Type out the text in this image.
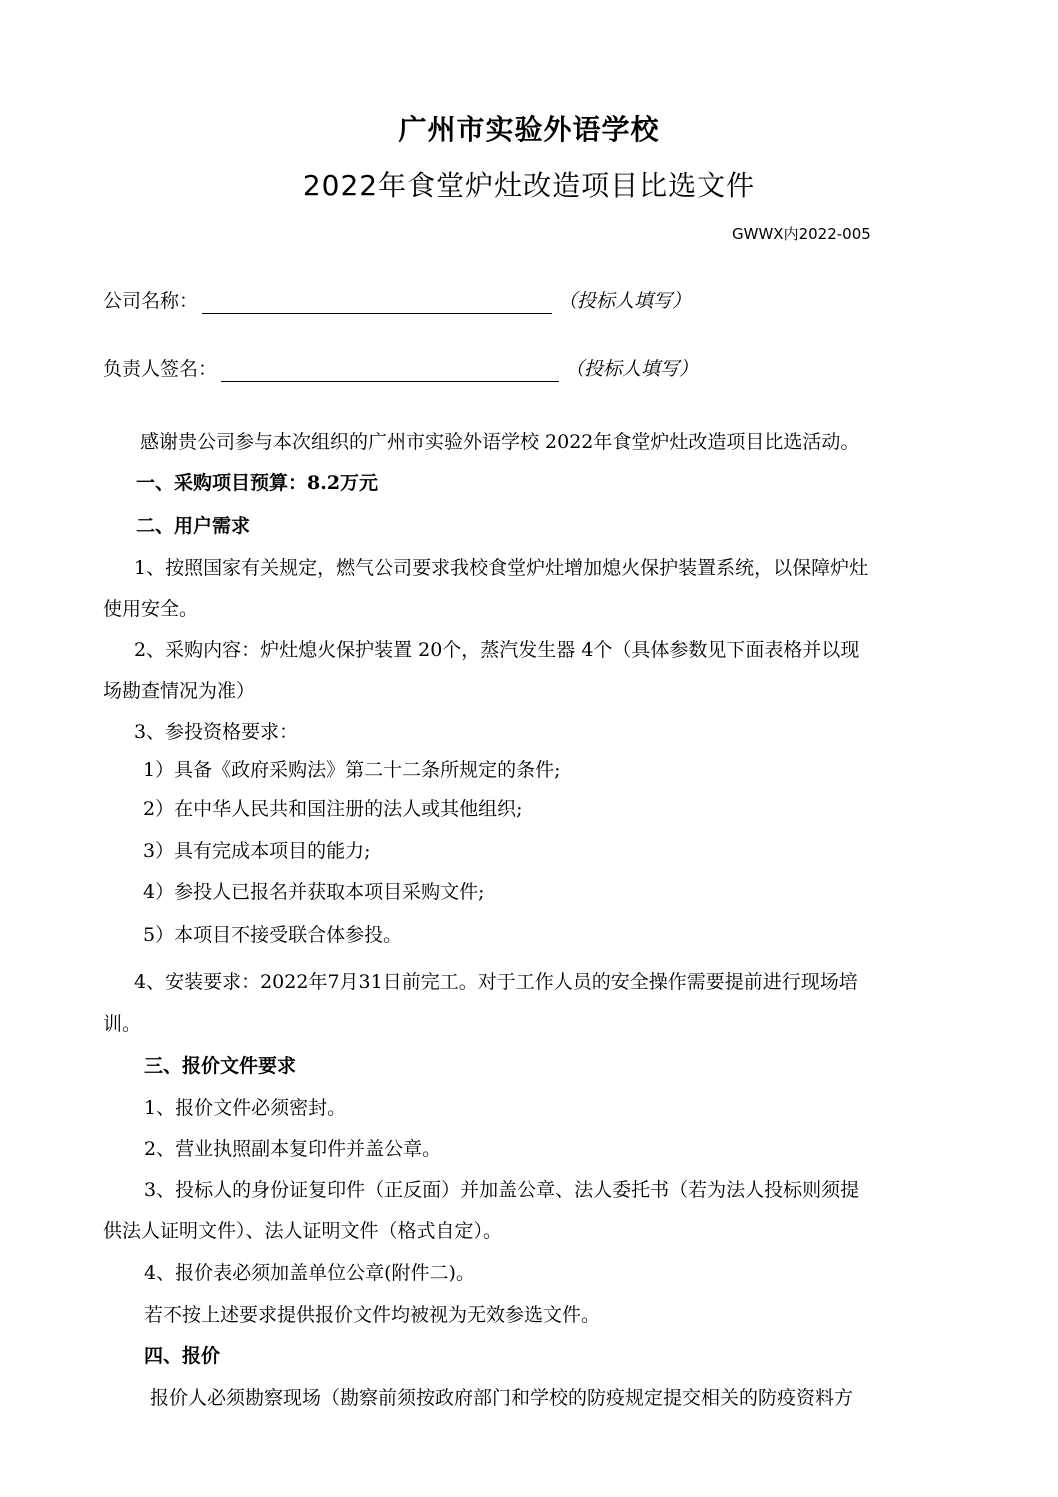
广州市实验外语学校
2022年食堂炉灶改造项目比选文件
GWWX内2022-005
公司名称：	（投标人填写）
负责人签名：	（投标人填写）
感谢贵公司参与本次组织的广州市实验外语学校 2022年食堂炉灶改造项目比选活动。
一、采购项目预算：8.2万元
二、用户需求
1、按照国家有关规定，燃气公司要求我校食堂炉灶增加熄火保护装置系统，以保障炉灶
使用安全。
2、采购内容：炉灶熄火保护装置 20个，蒸汽发生器 4个（具体参数见下面表格并以现
场勘查情况为准）
3、参投资格要求：
1）具备《政府采购法》第二十二条所规定的条件;
2）在中华人民共和国注册的法人或其他组织;
3）具有完成本项目的能力;
4）参投人已报名并获取本项目采购文件;
5）本项目不接受联合体参投。
4、安装要求：2022年7月31日前完工。对于工作人员的安全操作需要提前进行现场培
训。
三、报价文件要求
1、报价文件必须密封。
2、营业执照副本复印件并盖公章。
3、投标人的身份证复印件（正反面）并加盖公章、法人委托书（若为法人投标则须提
供法人证明文件）、法人证明文件（格式自定）。
4、报价表必须加盖单位公章(附件二)。
若不按上述要求提供报价文件均被视为无效参选文件。
四、报价
报价人必须勘察现场（勘察前须按政府部门和学校的防疫规定提交相关的防疫资料方
